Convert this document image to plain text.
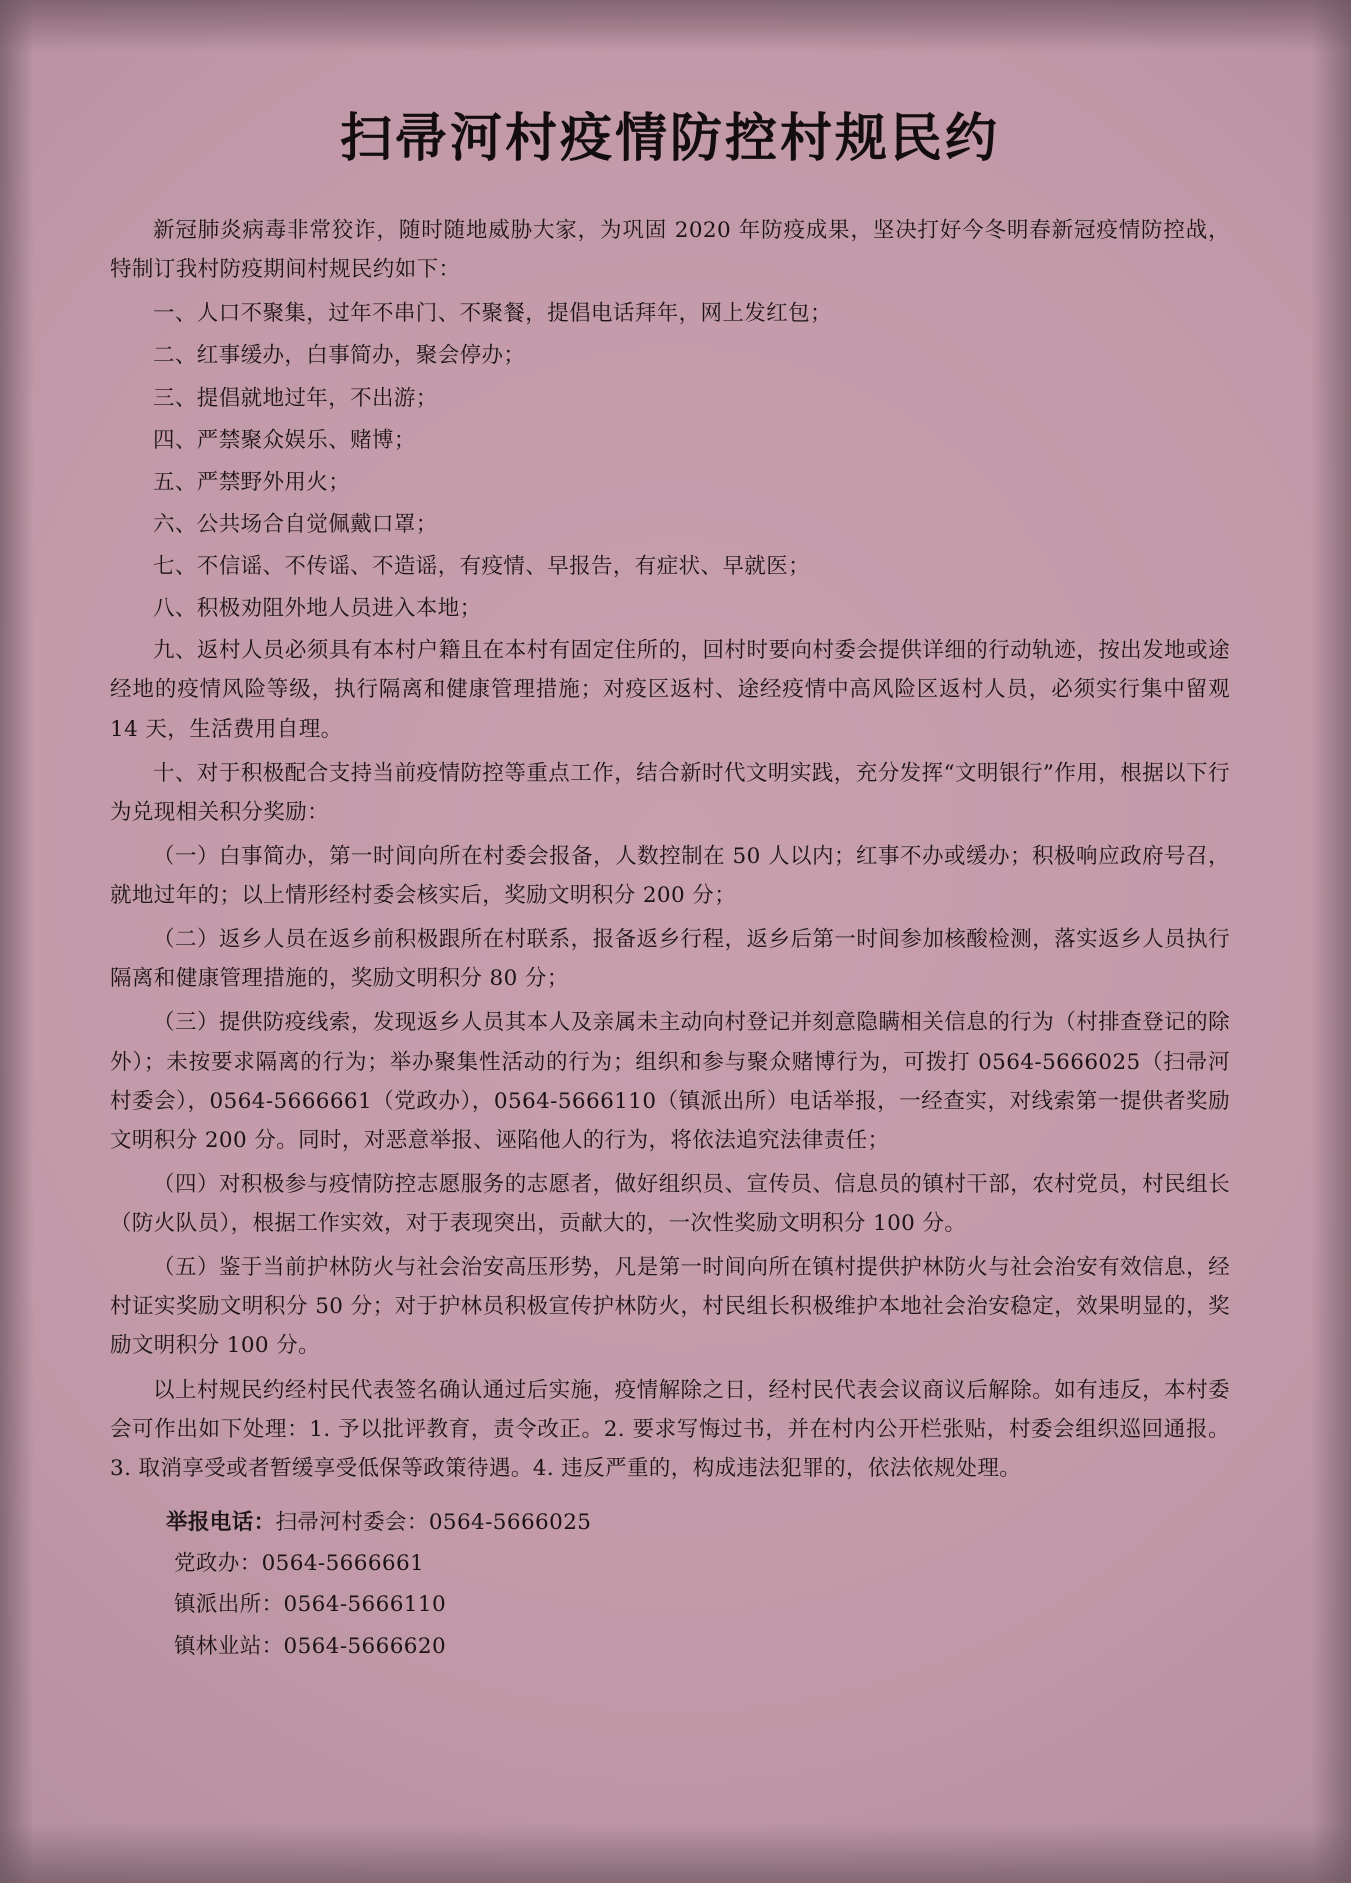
扫帚河村疫情防控村规民约

新冠肺炎病毒非常狡诈，随时随地威胁大家，为巩固 2020 年防疫成果，坚决打好今冬明春新冠疫情防控战，特制订我村防疫期间村规民约如下：

一、人口不聚集，过年不串门、不聚餐，提倡电话拜年，网上发红包；

二、红事缓办，白事简办，聚会停办；

三、提倡就地过年，不出游；

四、严禁聚众娱乐、赌博；

五、严禁野外用火；

六、公共场合自觉佩戴口罩；

七、不信谣、不传谣、不造谣，有疫情、早报告，有症状、早就医；

八、积极劝阻外地人员进入本地；

九、返村人员必须具有本村户籍且在本村有固定住所的，回村时要向村委会提供详细的行动轨迹，按出发地或途经地的疫情风险等级，执行隔离和健康管理措施；对疫区返村、途经疫情中高风险区返村人员，必须实行集中留观 14 天，生活费用自理。

十、对于积极配合支持当前疫情防控等重点工作，结合新时代文明实践，充分发挥“文明银行”作用，根据以下行为兑现相关积分奖励：

（一）白事简办，第一时间向所在村委会报备，人数控制在 50 人以内；红事不办或缓办；积极响应政府号召，就地过年的；以上情形经村委会核实后，奖励文明积分 200 分；

（二）返乡人员在返乡前积极跟所在村联系，报备返乡行程，返乡后第一时间参加核酸检测，落实返乡人员执行隔离和健康管理措施的，奖励文明积分 80 分；

（三）提供防疫线索，发现返乡人员其本人及亲属未主动向村登记并刻意隐瞒相关信息的行为（村排查登记的除外）；未按要求隔离的行为；举办聚集性活动的行为；组织和参与聚众赌博行为，可拨打 0564-5666025（扫帚河村委会），0564-5666661（党政办），0564-5666110（镇派出所）电话举报，一经查实，对线索第一提供者奖励文明积分 200 分。同时，对恶意举报、诬陷他人的行为，将依法追究法律责任；

（四）对积极参与疫情防控志愿服务的志愿者，做好组织员、宣传员、信息员的镇村干部，农村党员，村民组长（防火队员），根据工作实效，对于表现突出，贡献大的，一次性奖励文明积分 100 分。

（五）鉴于当前护林防火与社会治安高压形势，凡是第一时间向所在镇村提供护林防火与社会治安有效信息，经村证实奖励文明积分 50 分；对于护林员积极宣传护林防火，村民组长积极维护本地社会治安稳定，效果明显的，奖励文明积分 100 分。

以上村规民约经村民代表签名确认通过后实施，疫情解除之日，经村民代表会议商议后解除。如有违反，本村委会可作出如下处理：1. 予以批评教育，责令改正。2. 要求写悔过书，并在村内公开栏张贴，村委会组织巡回通报。3. 取消享受或者暂缓享受低保等政策待遇。4. 违反严重的，构成违法犯罪的，依法依规处理。

举报电话：扫帚河村委会：0564-5666025
党政办：0564-5666661
镇派出所：0564-5666110
镇林业站：0564-5666620
